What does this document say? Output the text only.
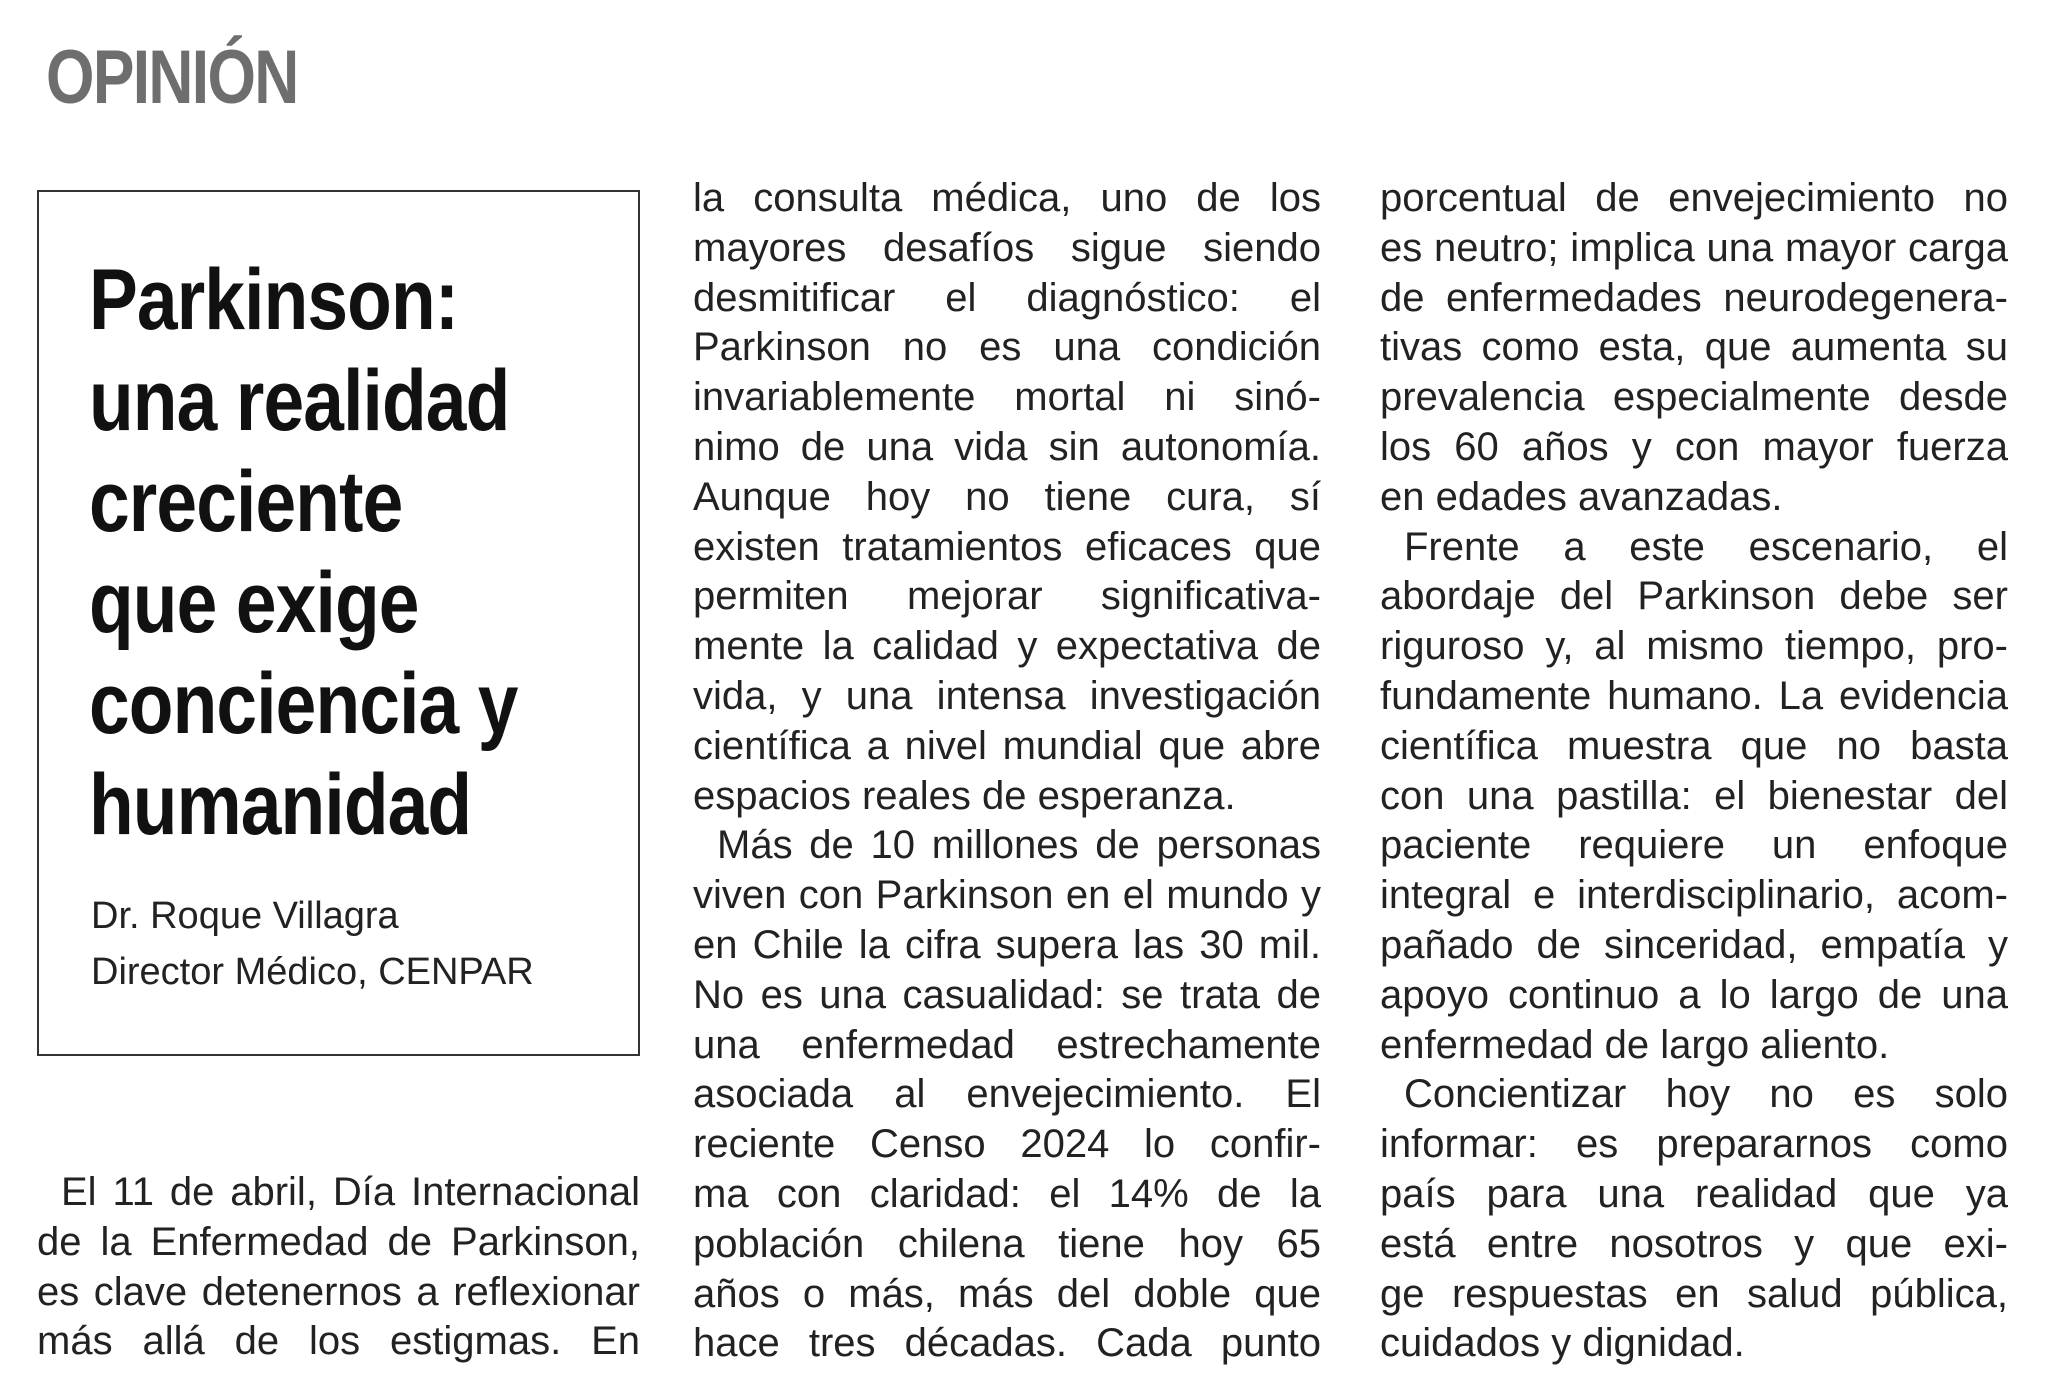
OPINIÓN
Parkinson:
una realidad
creciente
que exige
conciencia y
humanidad
Dr. Roque Villagra
Director Médico, CENPAR
El 11 de abril, Día Internacional
de la Enfermedad de Parkinson,
es clave detenernos a reflexionar
más allá de los estigmas. En
la consulta médica, uno de los
mayores desafíos sigue siendo
desmitificar el diagnóstico: el
Parkinson no es una condición
invariablemente mortal ni sinó-
nimo de una vida sin autonomía.
Aunque hoy no tiene cura, sí
existen tratamientos eficaces que
permiten mejorar significativa-
mente la calidad y expectativa de
vida, y una intensa investigación
científica a nivel mundial que abre
espacios reales de esperanza.
Más de 10 millones de personas
viven con Parkinson en el mundo y
en Chile la cifra supera las 30 mil.
No es una casualidad: se trata de
una enfermedad estrechamente
asociada al envejecimiento. El
reciente Censo 2024 lo confir-
ma con claridad: el 14% de la
población chilena tiene hoy 65
años o más, más del doble que
hace tres décadas. Cada punto
porcentual de envejecimiento no
es neutro; implica una mayor carga
de enfermedades neurodegenera-
tivas como esta, que aumenta su
prevalencia especialmente desde
los 60 años y con mayor fuerza
en edades avanzadas.
Frente a este escenario, el
abordaje del Parkinson debe ser
riguroso y, al mismo tiempo, pro-
fundamente humano. La evidencia
científica muestra que no basta
con una pastilla: el bienestar del
paciente requiere un enfoque
integral e interdisciplinario, acom-
pañado de sinceridad, empatía y
apoyo continuo a lo largo de una
enfermedad de largo aliento.
Concientizar hoy no es solo
informar: es prepararnos como
país para una realidad que ya
está entre nosotros y que exi-
ge respuestas en salud pública,
cuidados y dignidad.
